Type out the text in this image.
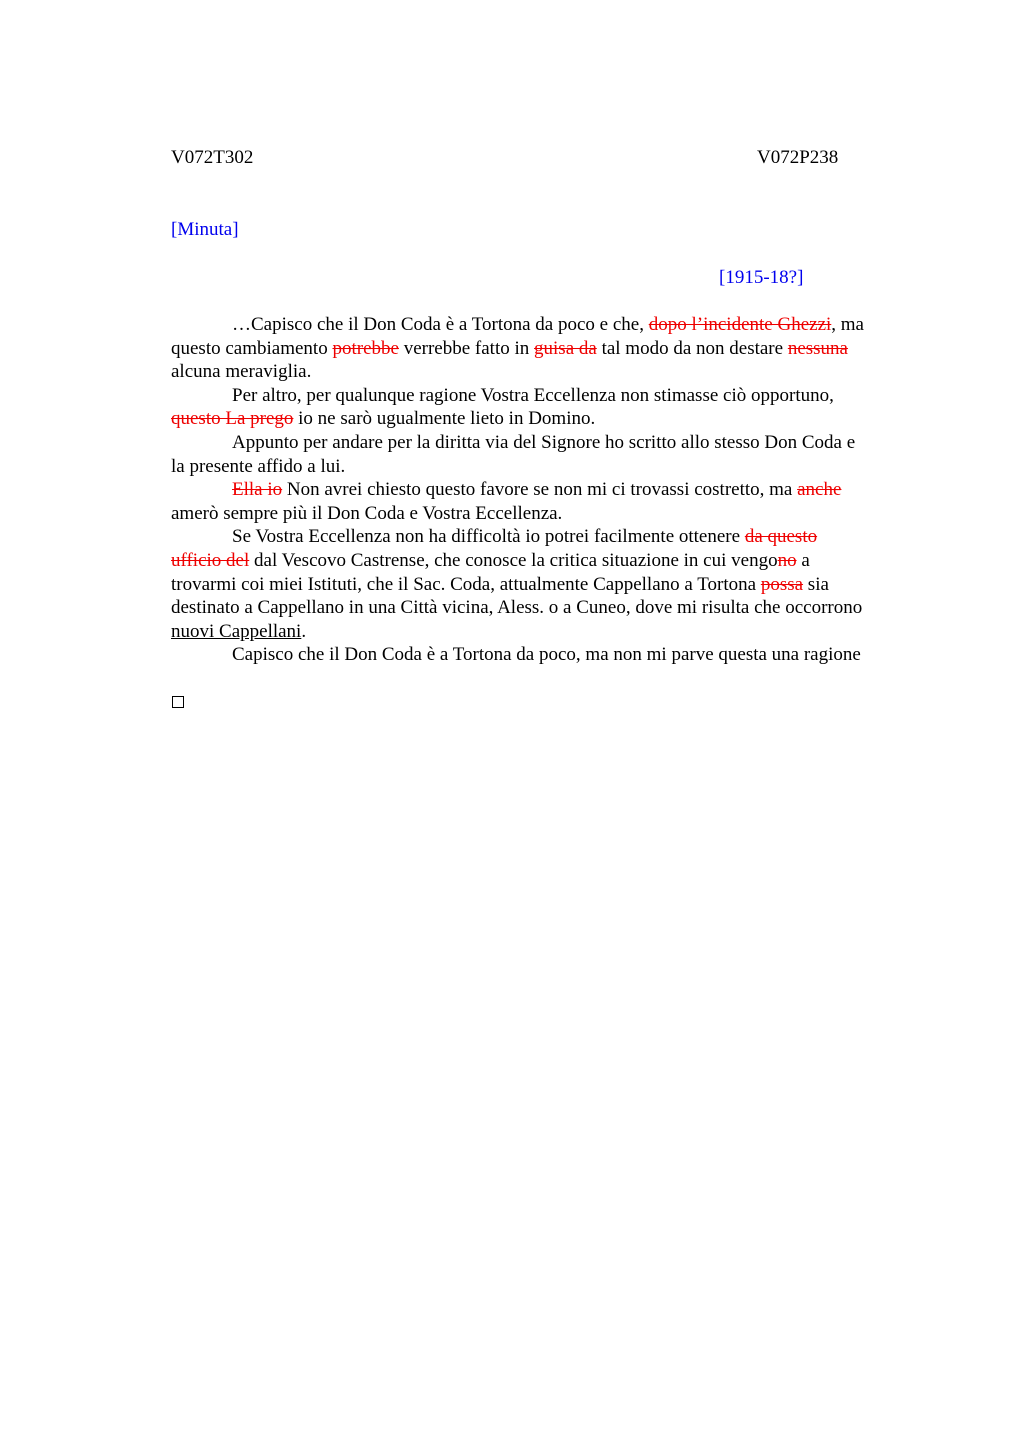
V072T302	V072P238
[Minuta]
[1915-18?]
…Capisco che il Don Coda è a Tortona da poco e che, dopo l’incidente Ghezzi, ma
questo cambiamento potrebbe verrebbe fatto in guisa da tal modo da non destare nessuna
alcuna meraviglia.
Per altro, per qualunque ragione Vostra Eccellenza non stimasse ciò opportuno,
questo La prego io ne sarò ugualmente lieto in Domino.
Appunto per andare per la diritta via del Signore ho scritto allo stesso Don Coda e
la presente affido a lui.
Ella io Non avrei chiesto questo favore se non mi ci trovassi costretto, ma anche
amerò sempre più il Don Coda e Vostra Eccellenza.
Se Vostra Eccellenza non ha difficoltà io potrei facilmente ottenere da questo
ufficio del dal Vescovo Castrense, che conosce la critica situazione in cui vengono a
trovarmi coi miei Istituti, che il Sac. Coda, attualmente Cappellano a Tortona possa sia
destinato a Cappellano in una Città vicina, Aless. o a Cuneo, dove mi risulta che occorrono
nuovi Cappellani.
Capisco che il Don Coda è a Tortona da poco, ma non mi parve questa una ragione
